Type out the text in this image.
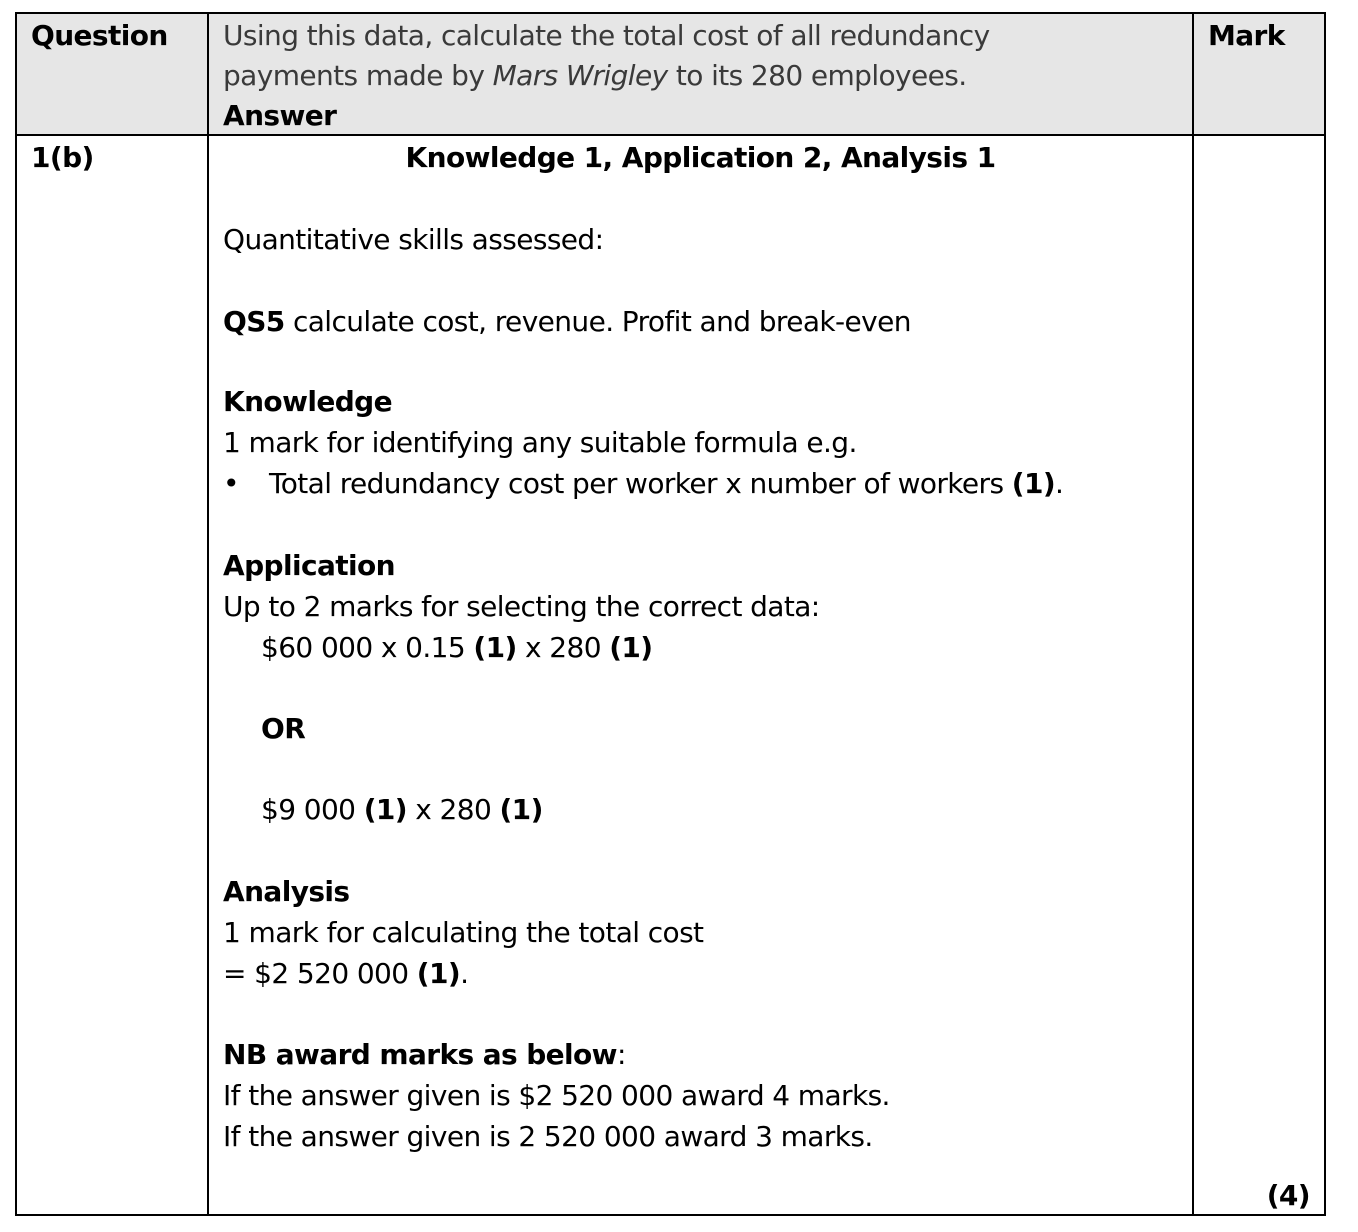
Question Using this data, calculate the total cost of all redundancy
payments made by Mars Wrigley to its 280 employees.
Answer
Mark
1(b)	Knowledge 1, Application 2, Analysis 1
Quantitative skills assessed:
QS5 calculate cost, revenue. Profit and break-even
Knowledge
1 mark for identifying any suitable formula e.g.
• Total redundancy cost per worker x number of workers (1).
Application
Up to 2 marks for selecting the correct data:
$60 000 x 0.15 (1) x 280 (1)
OR
$9 000 (1) x 280 (1)
Analysis
1 mark for calculating the total cost
= $2 520 000 (1).
NB award marks as below:
If the answer given is $2 520 000 award 4 marks.
If the answer given is 2 520 000 award 3 marks.
(4)
